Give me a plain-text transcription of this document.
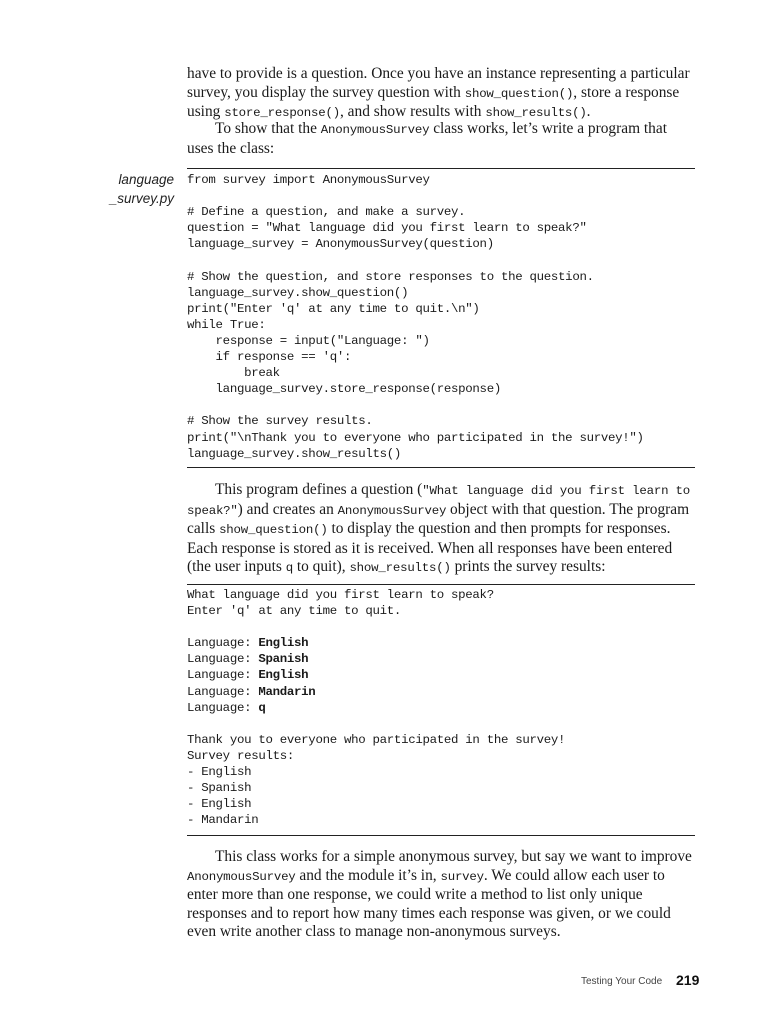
have to provide is a question. Once you have an instance representing a particular survey, you display the survey question with show_question(), store a response using store_response(), and show results with show_results().

To show that the AnonymousSurvey class works, let’s write a program that uses the class:

language
_survey.py
from survey import AnonymousSurvey
# Define a question, and make a survey.
question = "What language did you first learn to speak?"
language_survey = AnonymousSurvey(question)
# Show the question, and store responses to the question.
language_survey.show_question()
print("Enter 'q' at any time to quit.\n")
while True:
response = input("Language: ")
if response == 'q':
break
language_survey.store_response(response)
# Show the survey results.
print("\nThank you to everyone who participated in the survey!")
language_survey.show_results()

This program defines a question ("What language did you first learn to speak?") and creates an AnonymousSurvey object with that question. The program calls show_question() to display the question and then prompts for responses. Each response is stored as it is received. When all responses have been entered (the user inputs q to quit), show_results() prints the survey results:

What language did you first learn to speak?
Enter 'q' at any time to quit.
Language: English
Language: Spanish
Language: English
Language: Mandarin
Language: q
Thank you to everyone who participated in the survey!
Survey results:
- English
- Spanish
- English
- Mandarin

This class works for a simple anonymous survey, but say we want to improve AnonymousSurvey and the module it’s in, survey. We could allow each user to enter more than one response, we could write a method to list only unique responses and to report how many times each response was given, or we could even write another class to manage non-anonymous surveys.

Testing Your Code 219
